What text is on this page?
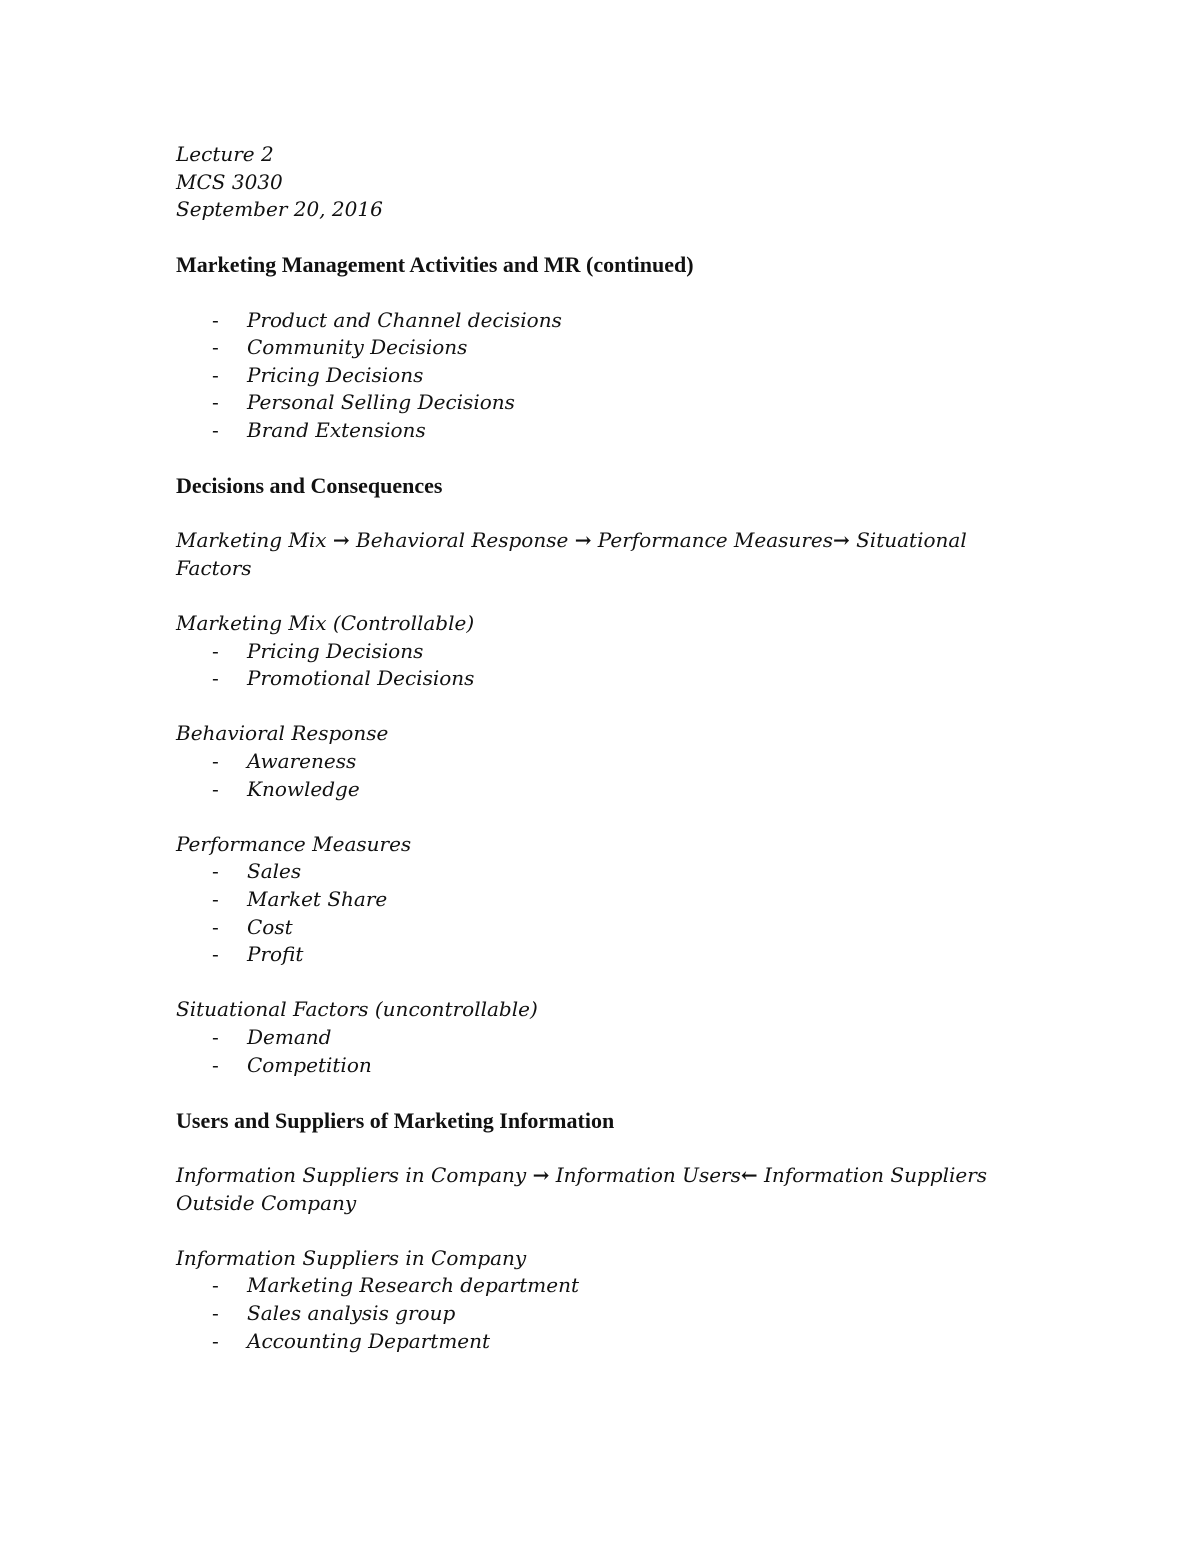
Lecture 2
MCS 3030
September 20, 2016
Marketing Management Activities and MR (continued)
- Product and Channel decisions
- Community Decisions
- Pricing Decisions
- Personal Selling Decisions
- Brand Extensions
Decisions and Consequences
Marketing Mix → Behavioral Response → Performance Measures→ Situational
Factors
Marketing Mix (Controllable)
- Pricing Decisions
- Promotional Decisions
Behavioral Response
- Awareness
- Knowledge
Performance Measures
- Sales
- Market Share
- Cost
- Profit
Situational Factors (uncontrollable)
- Demand
- Competition
Users and Suppliers of Marketing Information
Information Suppliers in Company → Information Users← Information Suppliers
Outside Company
Information Suppliers in Company
- Marketing Research department
- Sales analysis group
- Accounting Department
